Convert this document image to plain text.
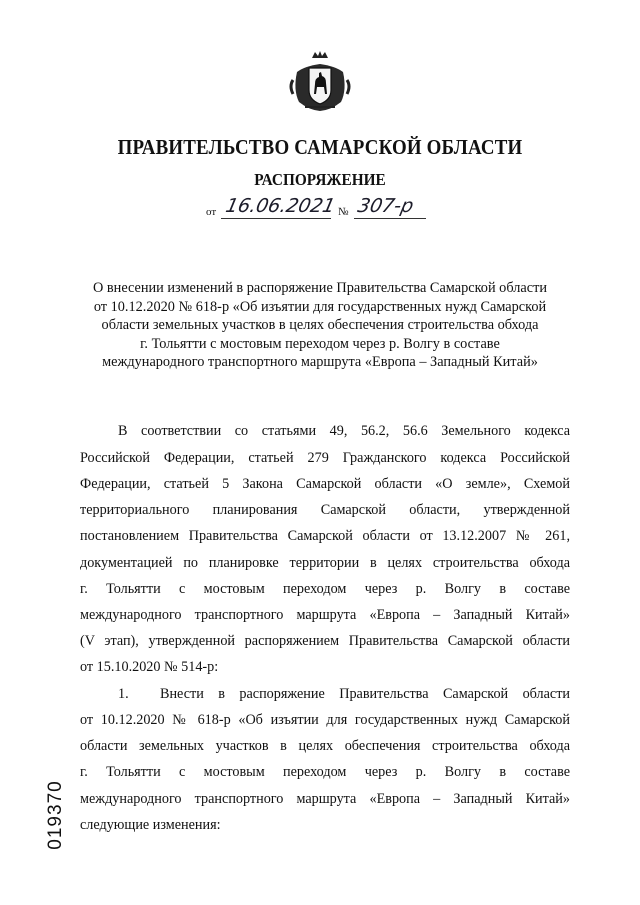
ПРАВИТЕЛЬСТВО САМАРСКОЙ ОБЛАСТИ
РАСПОРЯЖЕНИЕ
от 16.06.2021 № 307-р
О внесении изменений в распоряжение Правительства Самарской области
от 10.12.2020 № 618-р «Об изъятии для государственных нужд Самарской
области земельных участков в целях обеспечения строительства обхода
г. Тольятти с мостовым переходом через р. Волгу в составе
международного транспортного маршрута «Европа – Западный Китай»
В соответствии со статьями 49, 56.2, 56.6 Земельного кодекса
Российской Федерации, статьей 279 Гражданского кодекса Российской
Федерации, статьей 5 Закона Самарской области «О земле», Схемой
территориального планирования Самарской области, утвержденной
постановлением Правительства Самарской области от 13.12.2007 № 261,
документацией по планировке территории в целях строительства обхода
г. Тольятти с мостовым переходом через р. Волгу в составе
международного транспортного маршрута «Европа – Западный Китай»
(V этап), утвержденной распоряжением Правительства Самарской области
от 15.10.2020 № 514-р:
1.	Внести в распоряжение Правительства Самарской области
от 10.12.2020 № 618-р «Об изъятии для государственных нужд Самарской
области земельных участков в целях обеспечения строительства обхода
г. Тольятти с мостовым переходом через р. Волгу в составе
международного транспортного маршрута «Европа – Западный Китай»
следующие изменения:
019370
